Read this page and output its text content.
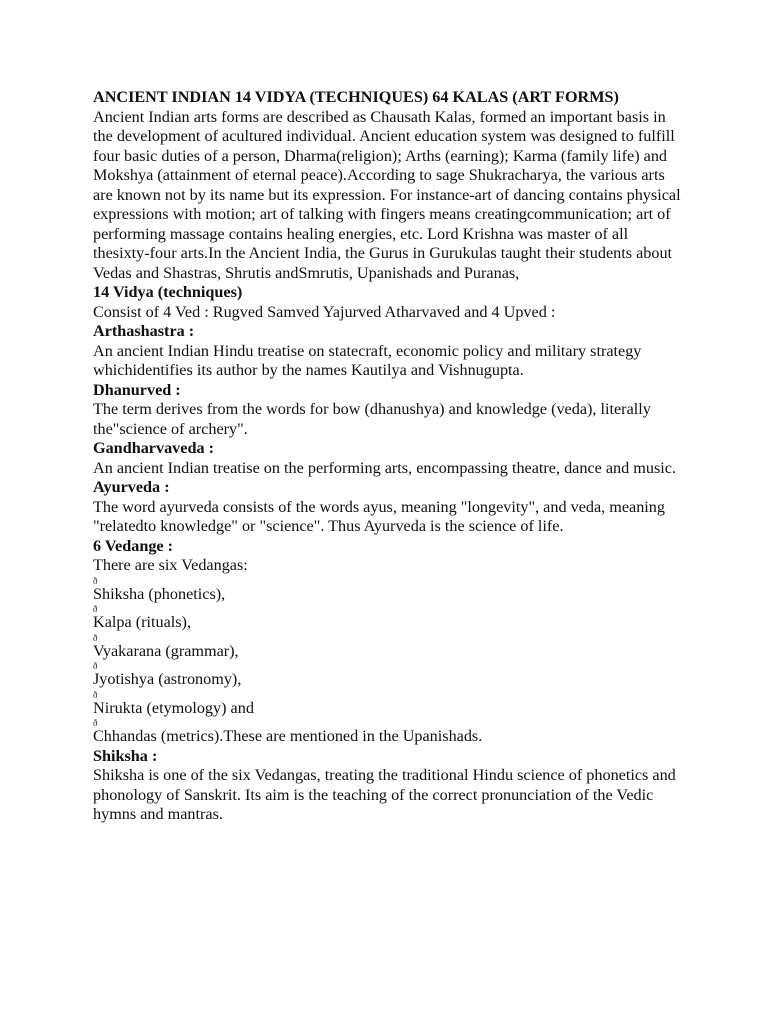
ANCIENT INDIAN 14 VIDYA (TECHNIQUES) 64 KALAS (ART FORMS)

Ancient Indian arts forms are described as Chausath Kalas, formed an important basis in the development of acultured individual. Ancient education system was designed to fulfill four basic duties of a person, Dharma(religion); Arths (earning); Karma (family life) and Mokshya (attainment of eternal peace).According to sage Shukracharya, the various arts are known not by its name but its expression. For instance-art of dancing contains physical expressions with motion; art of talking with fingers means creatingcommunication; art of performing massage contains healing energies, etc. Lord Krishna was master of all thesixty-four arts.In the Ancient India, the Gurus in Gurukulas taught their students about Vedas and Shastras, Shrutis andSmrutis, Upanishads and Puranas,

14 Vidya (techniques)

Consist of 4 Ved : Rugved Samved Yajurved Atharvaved and 4 Upved :

Arthashastra :

An ancient Indian Hindu treatise on statecraft, economic policy and military strategy whichidentifies its author by the names Kautilya and Vishnugupta.

Dhanurved :

The term derives from the words for bow (dhanushya) and knowledge (veda), literally the"science of archery".

Gandharvaveda :

An ancient Indian treatise on the performing arts, encompassing theatre, dance and music.

Ayurveda :

The word ayurveda consists of the words ayus, meaning "longevity", and veda, meaning "relatedto knowledge" or "science". Thus Ayurveda is the science of life.

6 Vedange :

There are six Vedangas:

ð
Shiksha (phonetics),
ð
Kalpa (rituals),
ð
Vyakarana (grammar),
ð
Jyotishya (astronomy),
ð
Nirukta (etymology) and
ð
Chhandas (metrics).These are mentioned in the Upanishads.

Shiksha :

Shiksha is one of the six Vedangas, treating the traditional Hindu science of phonetics and phonology of Sanskrit. Its aim is the teaching of the correct pronunciation of the Vedic hymns and mantras.
